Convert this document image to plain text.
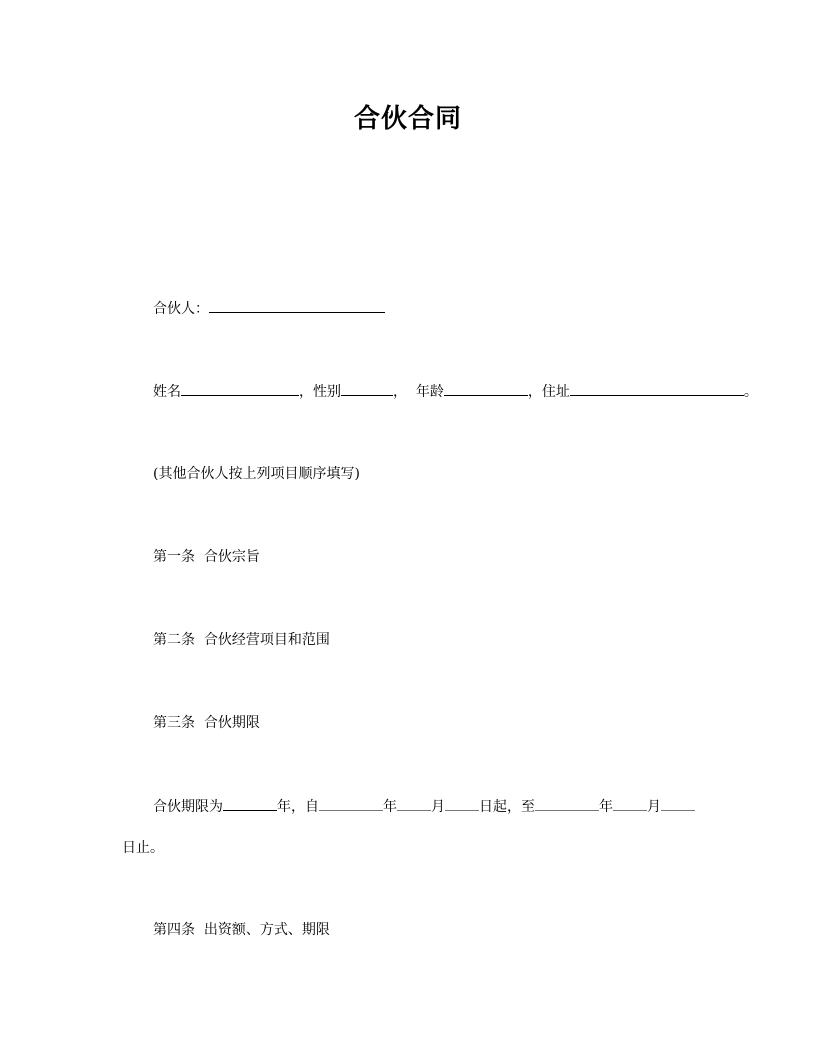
合伙合同
合伙人：
姓名	，性别	，  年龄	，住址	。
(其他合伙人按上列项目顺序填写)
第一条  合伙宗旨
第二条  合伙经营项目和范围
第三条  合伙期限
合伙期限为	年，自	年 月 日起，至	年 月
日止。
第四条  出资额、方式、期限
